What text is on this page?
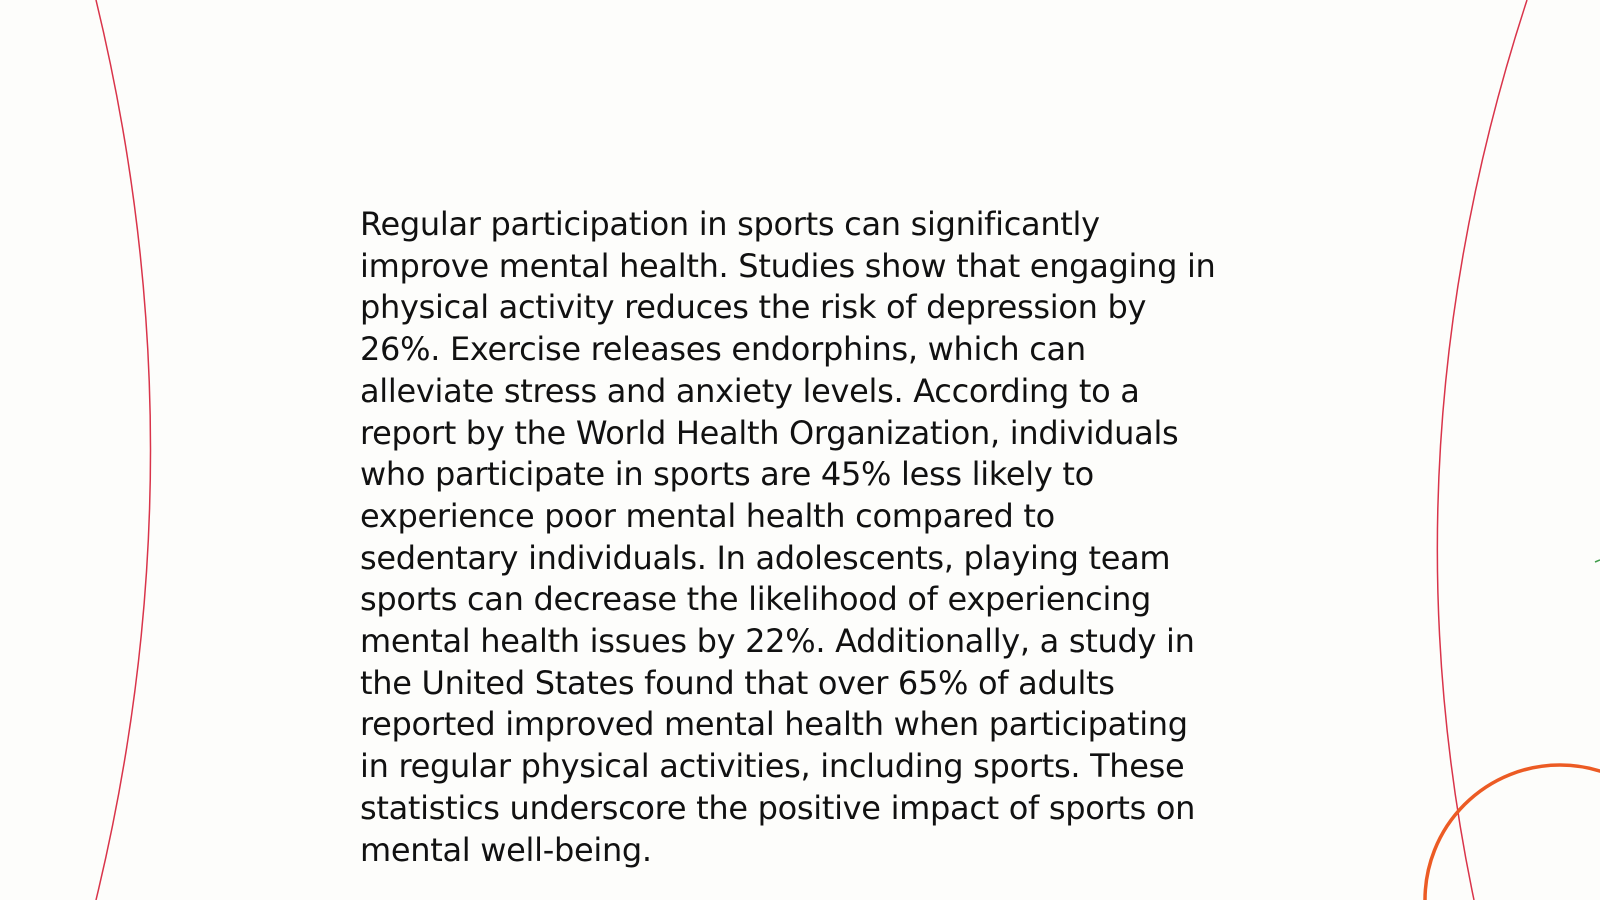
Regular participation in sports can significantly
improve mental health. Studies show that engaging in
physical activity reduces the risk of depression by
26%. Exercise releases endorphins, which can
alleviate stress and anxiety levels. According to a
report by the World Health Organization, individuals
who participate in sports are 45% less likely to
experience poor mental health compared to
sedentary individuals. In adolescents, playing team
sports can decrease the likelihood of experiencing
mental health issues by 22%. Additionally, a study in
the United States found that over 65% of adults
reported improved mental health when participating
in regular physical activities, including sports. These
statistics underscore the positive impact of sports on
mental well-being.
